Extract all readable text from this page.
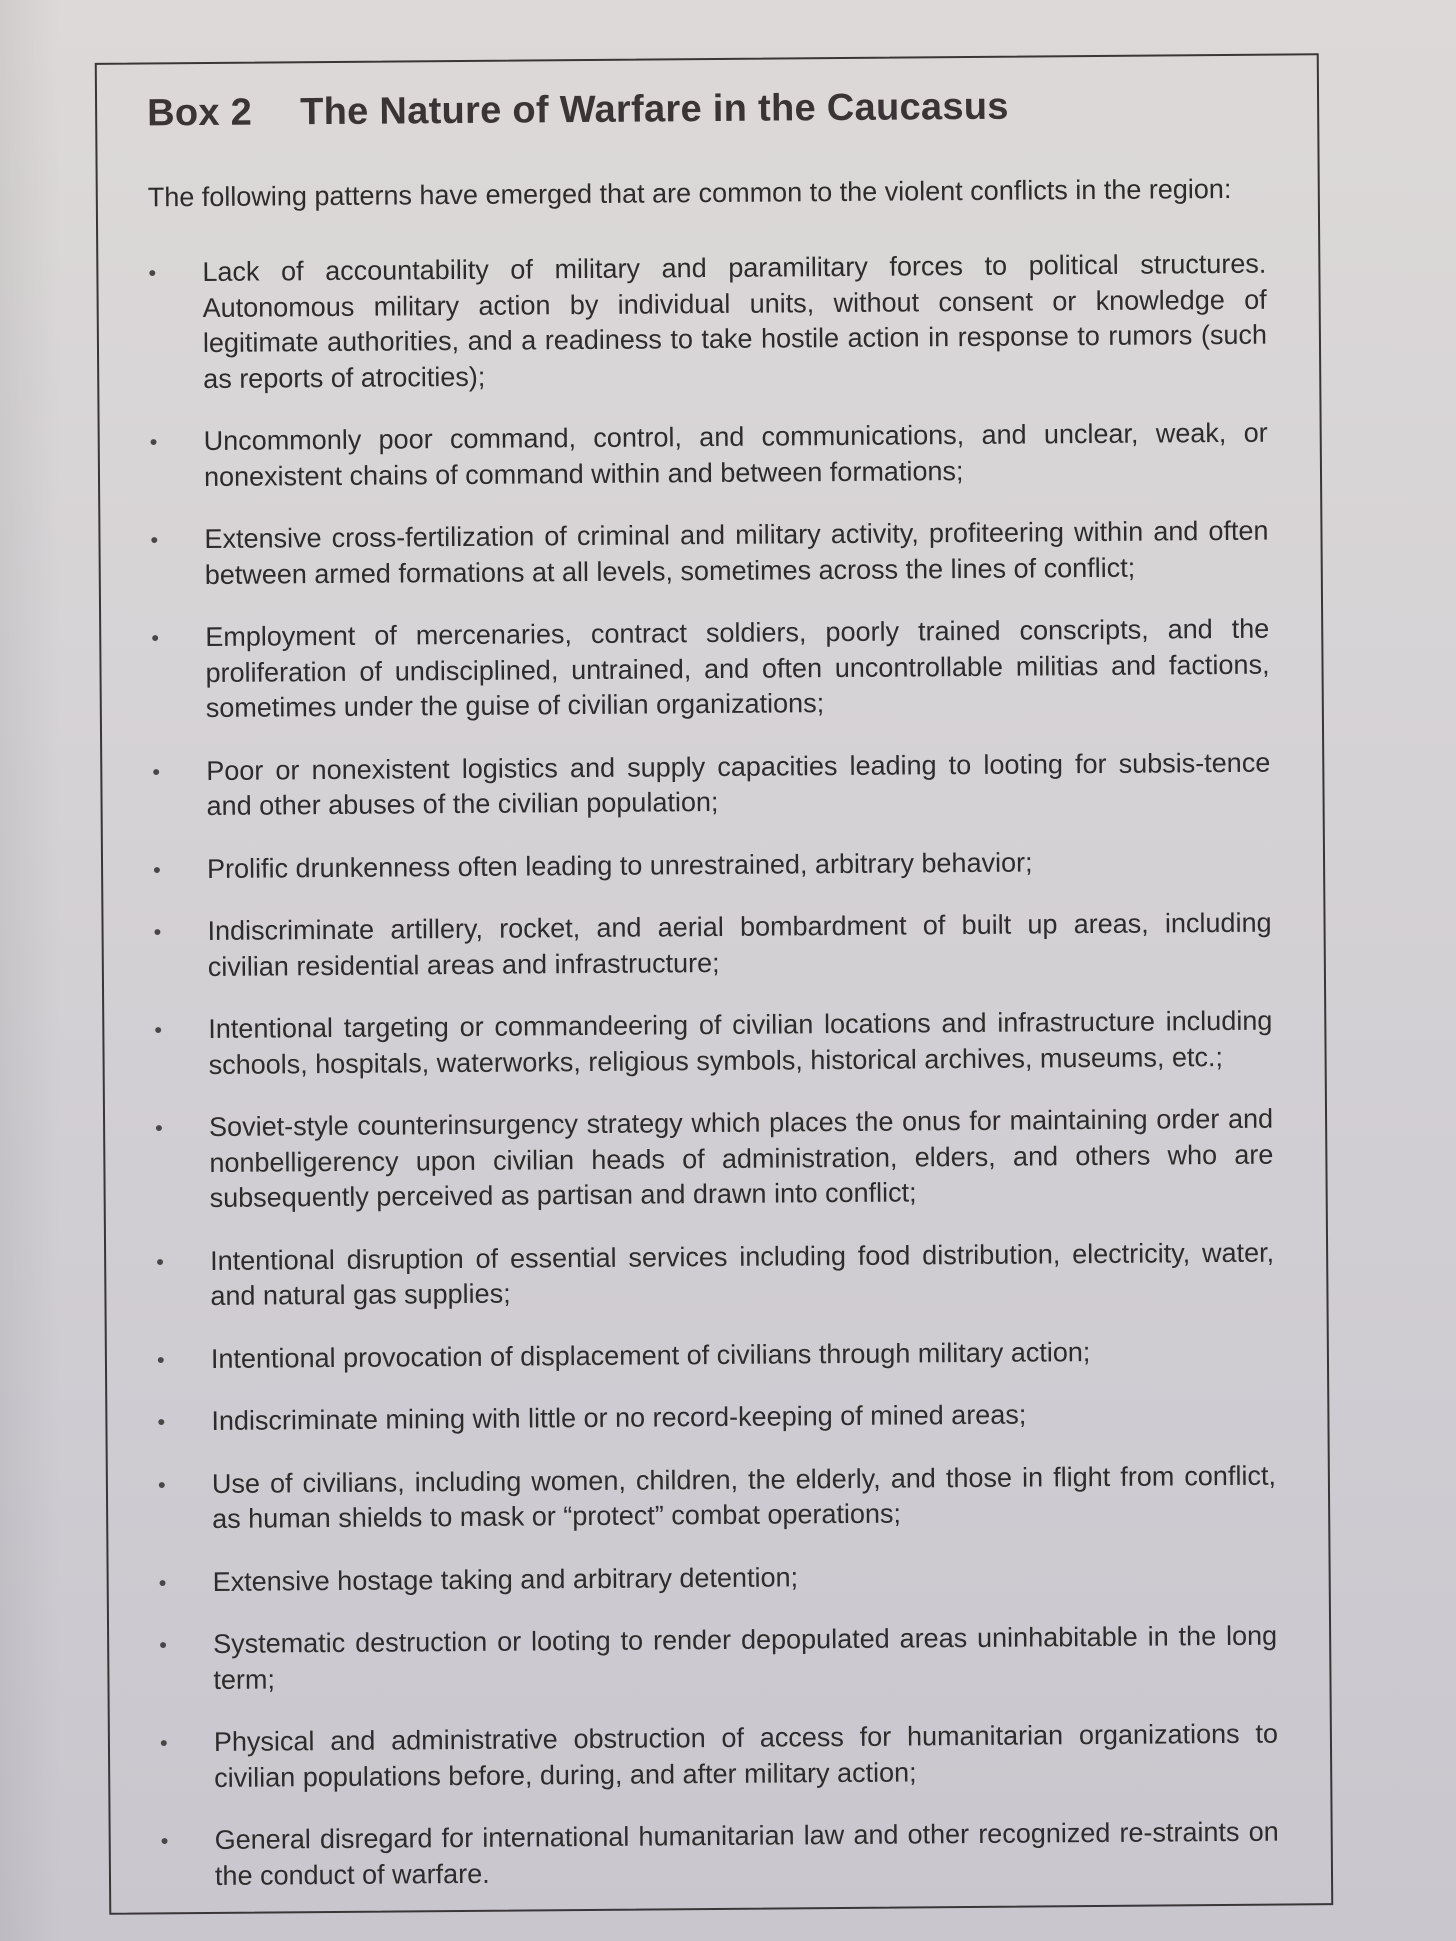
Box 2 The Nature of Warfare in the Caucasus

The following patterns have emerged that are common to the violent conflicts in the region:

•	Lack of accountability of military and paramilitary forces to political structures. Autonomous military action by individual units, without consent or knowledge of legitimate authorities, and a readiness to take hostile action in response to rumors (such as reports of atrocities);
•	Uncommonly poor command, control, and communications, and unclear, weak, or nonexistent chains of command within and between formations;
•	Extensive cross-fertilization of criminal and military activity, profiteering within and often between armed formations at all levels, sometimes across the lines of conflict;
•	Employment of mercenaries, contract soldiers, poorly trained conscripts, and the proliferation of undisciplined, untrained, and often uncontrollable militias and factions, sometimes under the guise of civilian organizations;
•	Poor or nonexistent logistics and supply capacities leading to looting for subsis-tence and other abuses of the civilian population;
•	Prolific drunkenness often leading to unrestrained, arbitrary behavior;
•	Indiscriminate artillery, rocket, and aerial bombardment of built up areas, including civilian residential areas and infrastructure;
•	Intentional targeting or commandeering of civilian locations and infrastructure including schools, hospitals, waterworks, religious symbols, historical archives, museums, etc.;
•	Soviet-style counterinsurgency strategy which places the onus for maintaining order and nonbelligerency upon civilian heads of administration, elders, and others who are subsequently perceived as partisan and drawn into conflict;
•	Intentional disruption of essential services including food distribution, electricity, water, and natural gas supplies;
•	Intentional provocation of displacement of civilians through military action;
•	Indiscriminate mining with little or no record-keeping of mined areas;
•	Use of civilians, including women, children, the elderly, and those in flight from conflict, as human shields to mask or “protect” combat operations;
•	Extensive hostage taking and arbitrary detention;
•	Systematic destruction or looting to render depopulated areas uninhabitable in the long term;
•	Physical and administrative obstruction of access for humanitarian organizations to civilian populations before, during, and after military action;
•	General disregard for international humanitarian law and other recognized re-straints on the conduct of warfare.
